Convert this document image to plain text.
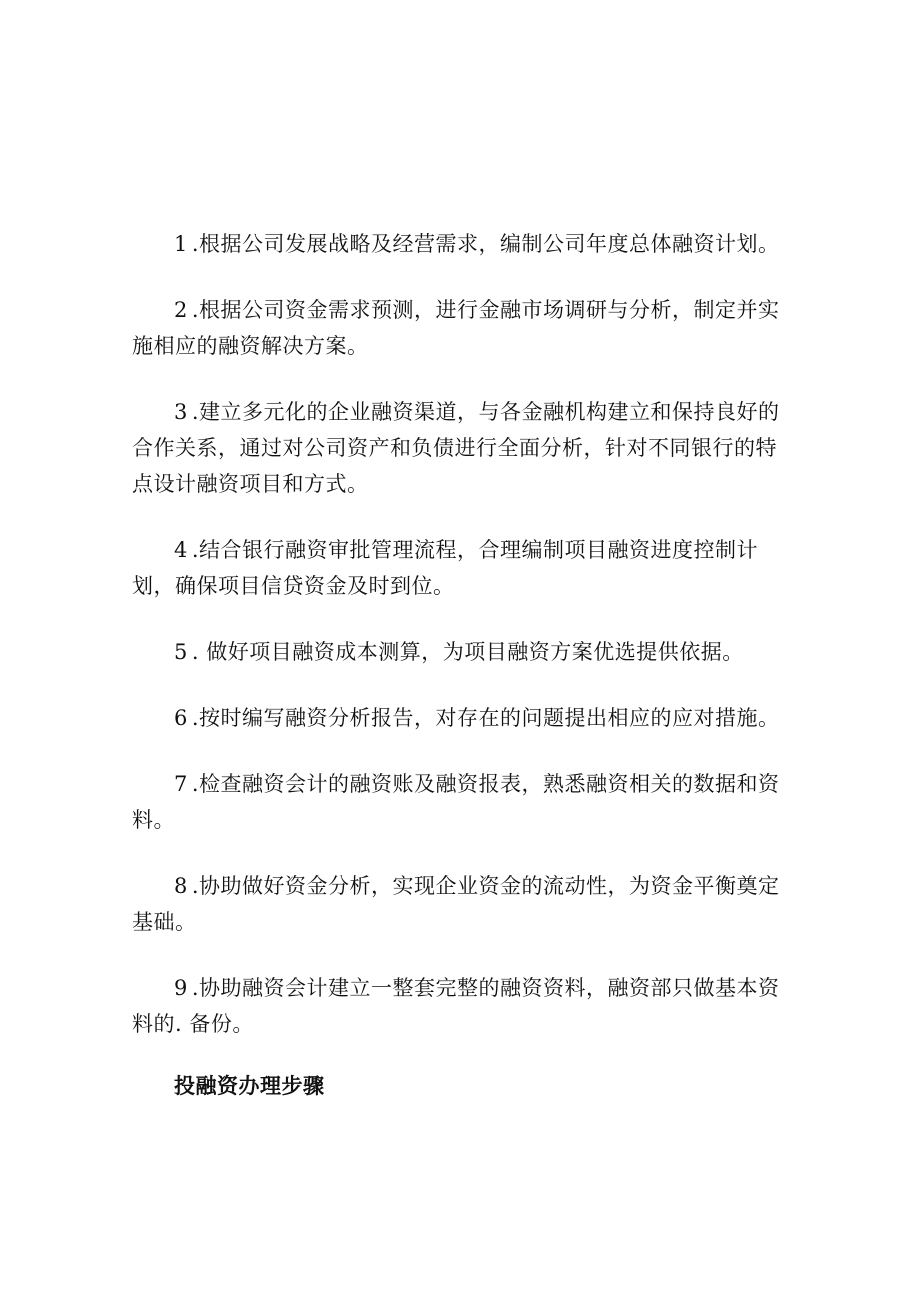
1 .根据公司发展战略及经营需求，编制公司年度总体融资计划。

2 .根据公司资金需求预测，进行金融市场调研与分析，制定并实施相应的融资解决方案。

3 .建立多元化的企业融资渠道，与各金融机构建立和保持良好的合作关系，通过对公司资产和负债进行全面分析，针对不同银行的特点设计融资项目和方式。

4 .结合银行融资审批管理流程，合理编制项目融资进度控制计划，确保项目信贷资金及时到位。

5 . 做好项目融资成本测算，为项目融资方案优选提供依据。

6 .按时编写融资分析报告，对存在的问题提出相应的应对措施。

7 .检查融资会计的融资账及融资报表，熟悉融资相关的数据和资料。

8 .协助做好资金分析，实现企业资金的流动性，为资金平衡奠定基础。

9 .协助融资会计建立一整套完整的融资资料，融资部只做基本资料的. 备份。

投融资办理步骤
